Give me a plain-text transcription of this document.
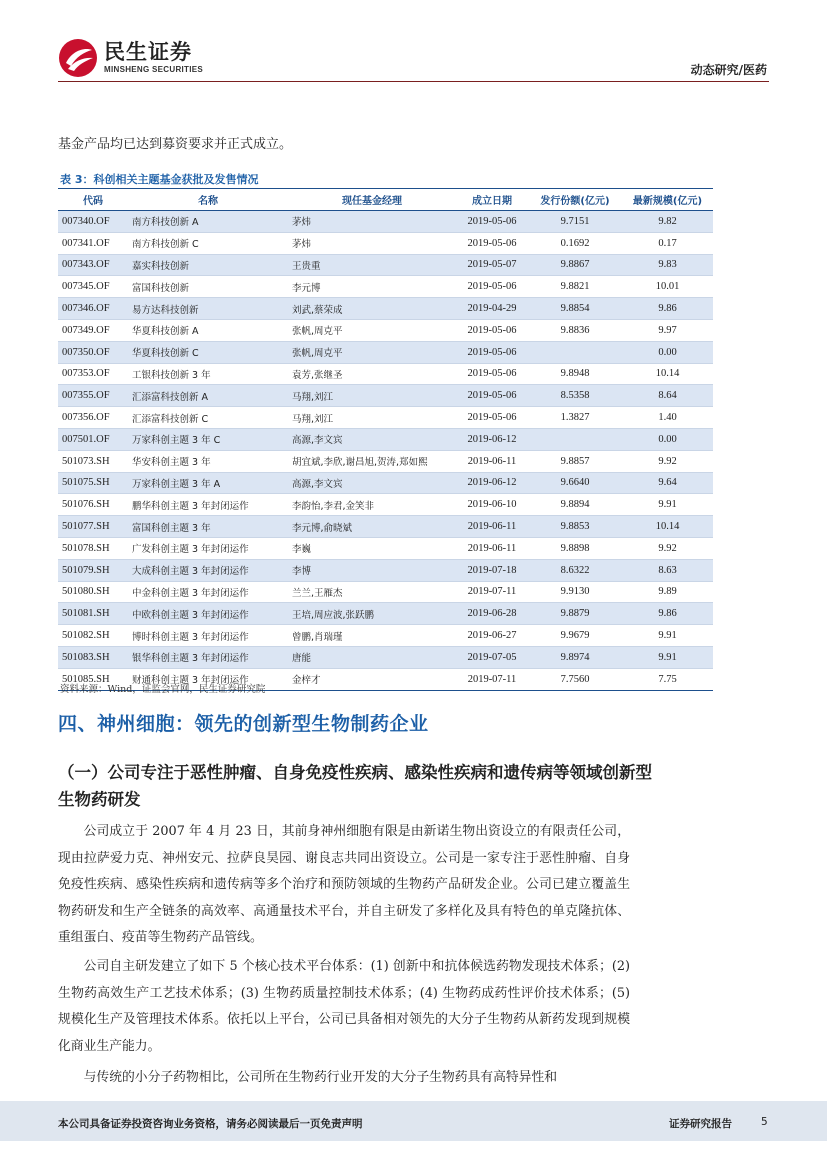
民生证券
MINSHENG SECURITIES	动态研究/医药
基金产品均已达到募资要求并正式成立。
表 3：科创相关主题基金获批及发售情况
代码	名称	现任基金经理	成立日期	发行份额(亿元)	最新规模(亿元)
007340.OF	南方科技创新 A	茅炜	2019-05-06	9.7151	9.82
007341.OF	南方科技创新 C	茅炜	2019-05-06	0.1692	0.17
007343.OF	嘉实科技创新	王贵重	2019-05-07	9.8867	9.83
007345.OF	富国科技创新	李元博	2019-05-06	9.8821	10.01
007346.OF	易方达科技创新	刘武,蔡荣成	2019-04-29	9.8854	9.86
007349.OF	华夏科技创新 A	张帆,周克平	2019-05-06	9.8836	9.97
007350.OF	华夏科技创新 C	张帆,周克平	2019-05-06		0.00
007353.OF	工银科技创新 3 年	袁芳,张继圣	2019-05-06	9.8948	10.14
007355.OF	汇添富科技创新 A	马翔,刘江	2019-05-06	8.5358	8.64
007356.OF	汇添富科技创新 C	马翔,刘江	2019-05-06	1.3827	1.40
007501.OF	万家科创主题 3 年 C	高源,李文宾	2019-06-12		0.00
501073.SH	华安科创主题 3 年	胡宜斌,李欣,谢昌旭,贺涛,郑如熙	2019-06-11	9.8857	9.92
501075.SH	万家科创主题 3 年 A	高源,李文宾	2019-06-12	9.6640	9.64
501076.SH	鹏华科创主题 3 年封闭运作	李韵怡,李君,金笑非	2019-06-10	9.8894	9.91
501077.SH	富国科创主题 3 年	李元博,俞晓斌	2019-06-11	9.8853	10.14
501078.SH	广发科创主题 3 年封闭运作	李巍	2019-06-11	9.8898	9.92
501079.SH	大成科创主题 3 年封闭运作	李博	2019-07-18	8.6322	8.63
501080.SH	中金科创主题 3 年封闭运作	兰兰,王雁杰	2019-07-11	9.9130	9.89
501081.SH	中欧科创主题 3 年封闭运作	王培,周应波,张跃鹏	2019-06-28	9.8879	9.86
501082.SH	博时科创主题 3 年封闭运作	曾鹏,肖瑞瑾	2019-06-27	9.9679	9.91
501083.SH	银华科创主题 3 年封闭运作	唐能	2019-07-05	9.8974	9.91
501085.SH	财通科创主题 3 年封闭运作	金梓才	2019-07-11	7.7560	7.75
资料来源：Wind，证监会官网，民生证券研究院
四、神州细胞：领先的创新型生物制药企业
（一）公司专注于恶性肿瘤、自身免疫性疾病、感染性疾病和遗传病等领域创新型生物药研发
公司成立于 2007 年 4 月 23 日，其前身神州细胞有限是由新诺生物出资设立的有限责任公司，现由拉萨爱力克、神州安元、拉萨良昊园、谢良志共同出资设立。公司是一家专注于恶性肿瘤、自身免疫性疾病、感染性疾病和遗传病等多个治疗和预防领域的生物药产品研发企业。公司已建立覆盖生物药研发和生产全链条的高效率、高通量技术平台，并自主研发了多样化及具有特色的单克隆抗体、重组蛋白、疫苗等生物药产品管线。
公司自主研发建立了如下 5 个核心技术平台体系：(1) 创新中和抗体候选药物发现技术体系；(2) 生物药高效生产工艺技术体系；(3) 生物药质量控制技术体系；(4) 生物药成药性评价技术体系；(5) 规模化生产及管理技术体系。依托以上平台，公司已具备相对领先的大分子生物药从新药发现到规模化商业生产能力。
与传统的小分子药物相比，公司所在生物药行业开发的大分子生物药具有高特异性和
本公司具备证券投资咨询业务资格，请务必阅读最后一页免责声明	证券研究报告	5
